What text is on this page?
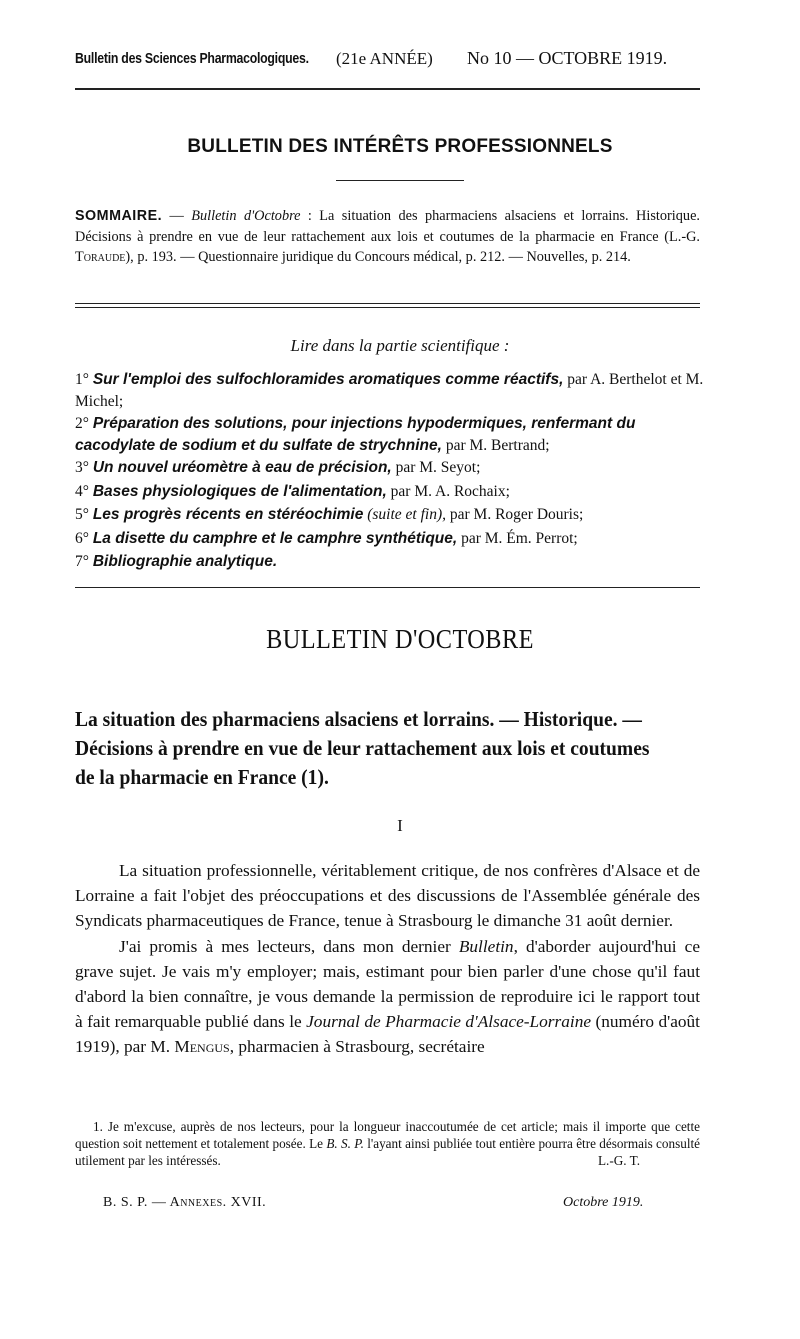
Bulletin des Sciences Pharmacologiques. (21e ANNÉE) No 10 — OCTOBRE 1919.
BULLETIN DES INTÉRÊTS PROFESSIONNELS
SOMMAIRE. — Bulletin d'Octobre : La situation des pharmaciens alsaciens et lorrains. Historique. Décisions à prendre en vue de leur rattachement aux lois et coutumes de la pharmacie en France (L.-G. Toraude), p. 193. — Questionnaire juridique du Concours médical, p. 212. — Nouvelles, p. 214.
Lire dans la partie scientifique :
1° Sur l'emploi des sulfochloramides aromatiques comme réactifs, par A. Berthelot et M. Michel;
2° Préparation des solutions, pour injections hypodermiques, renfermant du cacodylate de sodium et du sulfate de strychnine, par M. Bertrand;
3° Un nouvel uréomètre à eau de précision, par M. Seyot;
4° Bases physiologiques de l'alimentation, par M. A. Rochaix;
5° Les progrès récents en stéréochimie (suite et fin), par M. Roger Douris;
6° La disette du camphre et le camphre synthétique, par M. Ém. Perrot;
7° Bibliographie analytique.
BULLETIN D'OCTOBRE
La situation des pharmaciens alsaciens et lorrains. — Historique. — Décisions à prendre en vue de leur rattachement aux lois et coutumes de la pharmacie en France (1).
I

La situation professionnelle, véritablement critique, de nos confrères d'Alsace et de Lorraine a fait l'objet des préoccupations et des discussions de l'Assemblée générale des Syndicats pharmaceutiques de France, tenue à Strasbourg le dimanche 31 août dernier.

J'ai promis à mes lecteurs, dans mon dernier Bulletin, d'aborder aujourd'hui ce grave sujet. Je vais m'y employer; mais, estimant pour bien parler d'une chose qu'il faut d'abord la bien connaître, je vous demande la permission de reproduire ici le rapport tout à fait remarquable publié dans le Journal de Pharmacie d'Alsace-Lorraine (numéro d'août 1919), par M. Mengus, pharmacien à Strasbourg, secrétaire

1. Je m'excuse, auprès de nos lecteurs, pour la longueur inaccoutumée de cet article; mais il importe que cette question soit nettement et totalement posée. Le B. S. P. l'ayant ainsi publiée tout entière pourra être désormais consulté utilement par les intéressés.	L.-G. T.

B. S. P. — Annexes. XVII.	Octobre 1919.
